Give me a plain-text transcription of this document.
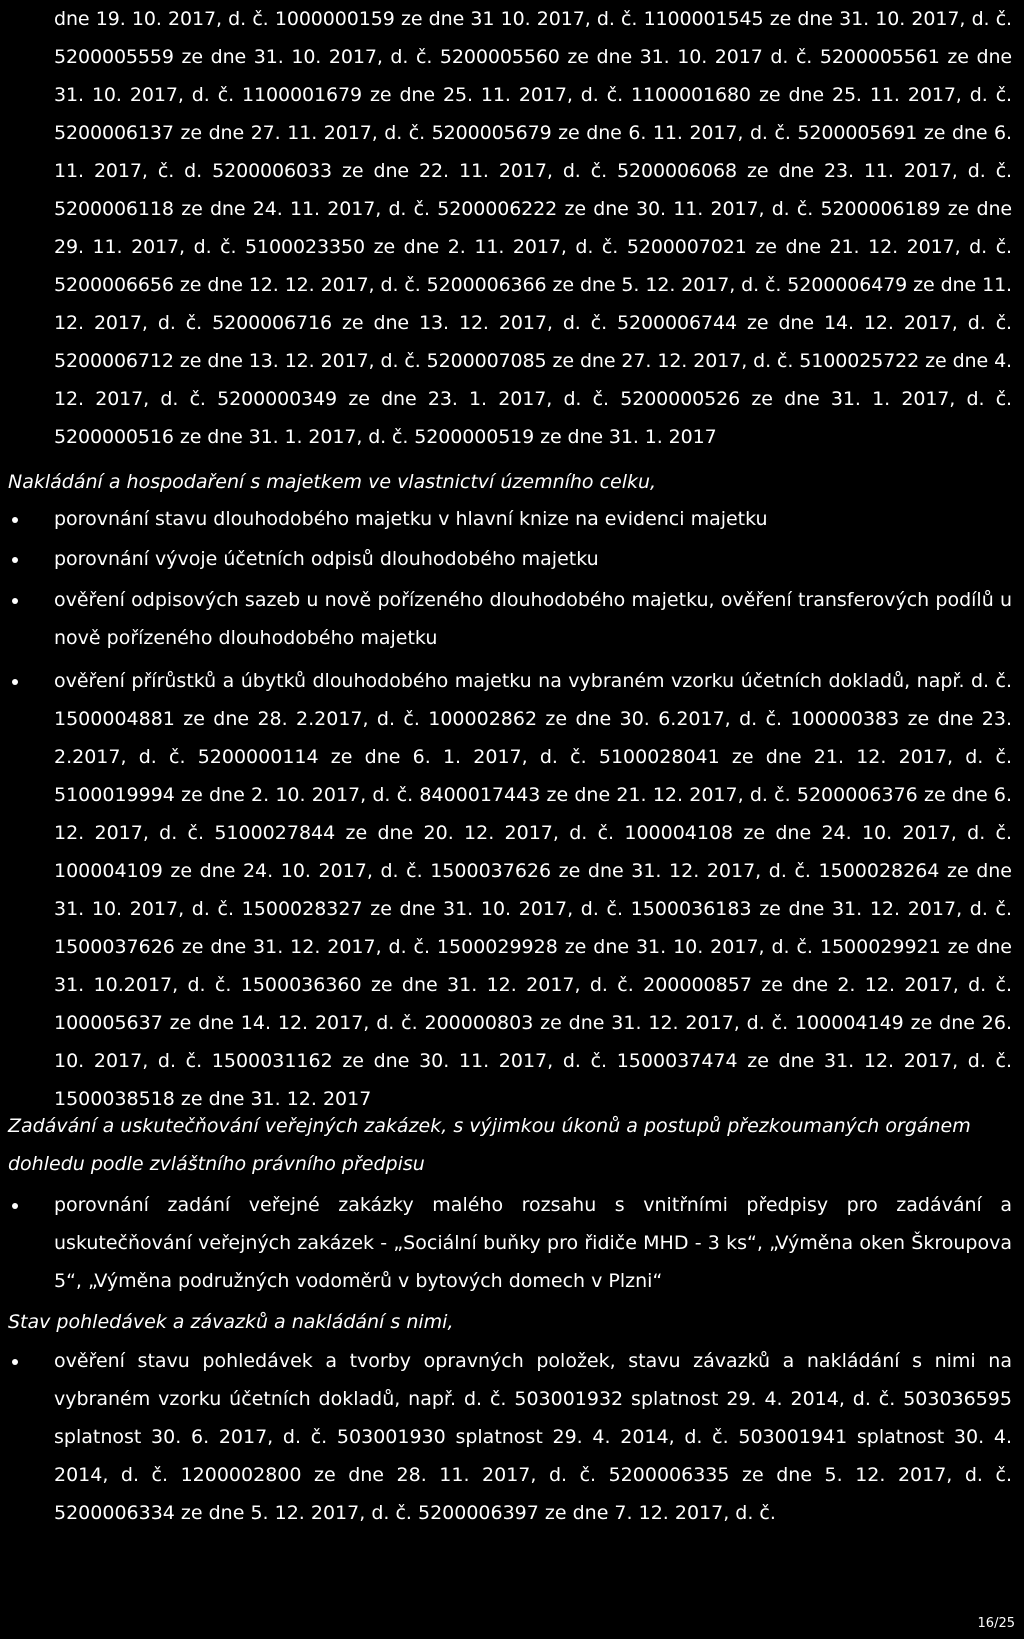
dne 19. 10. 2017, d. č. 1000000159 ze dne 31 10. 2017, d. č. 1100001545 ze dne 31. 10. 2017, d. č. 5200005559 ze dne 31. 10. 2017, d. č. 5200005560 ze dne 31. 10. 2017 d. č. 5200005561 ze dne 31. 10. 2017, d. č. 1100001679 ze dne 25. 11. 2017, d. č. 1100001680 ze dne 25. 11. 2017, d. č. 5200006137 ze dne 27. 11. 2017, d. č. 5200005679 ze dne 6. 11. 2017, d. č. 5200005691 ze dne 6. 11. 2017, č. d. 5200006033 ze dne 22. 11. 2017, d. č. 5200006068 ze dne 23. 11. 2017, d. č. 5200006118 ze dne 24. 11. 2017, d. č. 5200006222 ze dne 30. 11. 2017, d. č. 5200006189 ze dne 29. 11. 2017, d. č. 5100023350 ze dne 2. 11. 2017, d. č. 5200007021 ze dne 21. 12. 2017, d. č. 5200006656 ze dne 12. 12. 2017, d. č. 5200006366 ze dne 5. 12. 2017, d. č. 5200006479 ze dne 11. 12. 2017, d. č. 5200006716 ze dne 13. 12. 2017, d. č. 5200006744 ze dne 14. 12. 2017, d. č. 5200006712 ze dne 13. 12. 2017, d. č. 5200007085 ze dne 27. 12. 2017, d. č. 5100025722 ze dne 4. 12. 2017, d. č. 5200000349 ze dne 23. 1. 2017, d. č. 5200000526 ze dne 31. 1. 2017, d. č. 5200000516 ze dne 31. 1. 2017, d. č. 5200000519 ze dne 31. 1. 2017

Nakládání a hospodaření s majetkem ve vlastnictví územního celku,

porovnání stavu dlouhodobého majetku v hlavní knize na evidenci majetku

porovnání vývoje účetních odpisů dlouhodobého majetku

ověření odpisových sazeb u nově pořízeného dlouhodobého majetku, ověření transferových podílů u nově pořízeného dlouhodobého majetku

ověření přírůstků a úbytků dlouhodobého majetku na vybraném vzorku účetních dokladů, např. d. č. 1500004881 ze dne 28. 2.2017, d. č. 100002862 ze dne 30. 6.2017, d. č. 100000383 ze dne 23. 2.2017, d. č. 5200000114 ze dne 6. 1. 2017, d. č. 5100028041 ze dne 21. 12. 2017, d. č. 5100019994 ze dne 2. 10. 2017, d. č. 8400017443 ze dne 21. 12. 2017, d. č. 5200006376 ze dne 6. 12. 2017, d. č. 5100027844 ze dne 20. 12. 2017, d. č. 100004108 ze dne 24. 10. 2017, d. č. 100004109 ze dne 24. 10. 2017, d. č. 1500037626 ze dne 31. 12. 2017, d. č. 1500028264 ze dne 31. 10. 2017, d. č. 1500028327 ze dne 31. 10. 2017, d. č. 1500036183 ze dne 31. 12. 2017, d. č. 1500037626 ze dne 31. 12. 2017, d. č. 1500029928 ze dne 31. 10. 2017, d. č. 1500029921 ze dne 31. 10.2017, d. č. 1500036360 ze dne 31. 12. 2017, d. č. 200000857 ze dne 2. 12. 2017, d. č. 100005637 ze dne 14. 12. 2017, d. č. 200000803 ze dne 31. 12. 2017, d. č. 100004149 ze dne 26. 10. 2017, d. č. 1500031162 ze dne 30. 11. 2017, d. č. 1500037474 ze dne 31. 12. 2017, d. č. 1500038518 ze dne 31. 12. 2017

Zadávání a uskutečňování veřejných zakázek, s výjimkou úkonů a postupů přezkoumaných orgánem dohledu podle zvláštního právního předpisu

porovnání zadání veřejné zakázky malého rozsahu s vnitřními předpisy pro zadávání a uskutečňování veřejných zakázek - „Sociální buňky pro řidiče MHD - 3 ks“, „Výměna oken Škroupova 5“, „Výměna podružných vodoměrů v bytových domech v Plzni“

Stav pohledávek a závazků a nakládání s nimi,

ověření stavu pohledávek a tvorby opravných položek, stavu závazků a nakládání s nimi na vybraném vzorku účetních dokladů, např. d. č. 503001932 splatnost 29. 4. 2014, d. č. 503036595 splatnost 30. 6. 2017, d. č. 503001930 splatnost 29. 4. 2014, d. č. 503001941 splatnost 30. 4. 2014, d. č. 1200002800 ze dne 28. 11. 2017, d. č. 5200006335 ze dne 5. 12. 2017, d. č. 5200006334 ze dne 5. 12. 2017, d. č. 5200006397 ze dne 7. 12. 2017, d. č.

16/25
